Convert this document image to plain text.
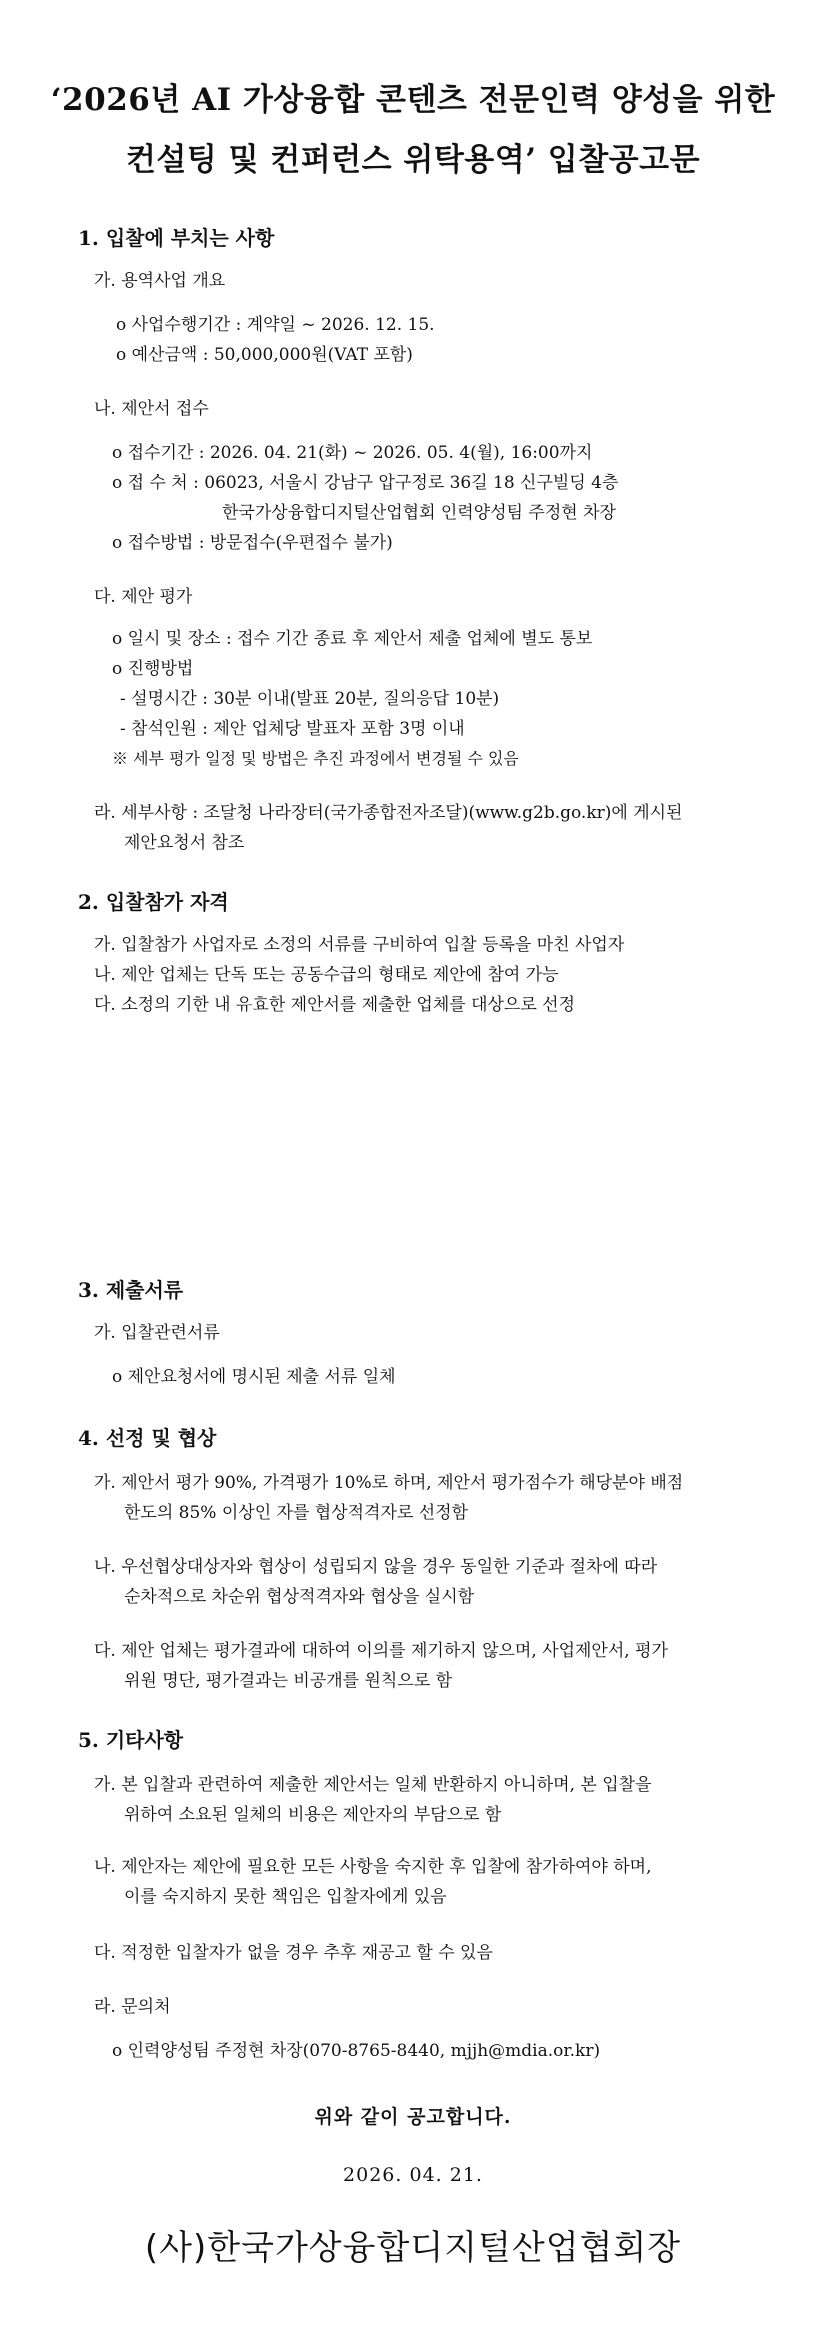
‘2026년 AI 가상융합 콘텐츠 전문인력 양성을 위한
컨설팅 및 컨퍼런스 위탁용역’ 입찰공고문
1. 입찰에 부치는 사항
가. 용역사업 개요
o 사업수행기간 : 계약일 ~ 2026. 12. 15.
o 예산금액 : 50,000,000원(VAT 포함)
나. 제안서 접수
o 접수기간 : 2026. 04. 21(화) ~ 2026. 05. 4(월), 16:00까지
o 접 수 처 : 06023, 서울시 강남구 압구정로 36길 18 신구빌딩 4층
한국가상융합디지털산업협회 인력양성팀 주정현 차장
o 접수방법 : 방문접수(우편접수 불가)
다. 제안 평가
o 일시 및 장소 : 접수 기간 종료 후 제안서 제출 업체에 별도 통보
o 진행방법
- 설명시간 : 30분 이내(발표 20분, 질의응답 10분)
- 참석인원 : 제안 업체당 발표자 포함 3명 이내
※ 세부 평가 일정 및 방법은 추진 과정에서 변경될 수 있음
라. 세부사항 : 조달청 나라장터(국가종합전자조달)(www.g2b.go.kr)에 게시된
제안요청서 참조
2. 입찰참가 자격
가. 입찰참가 사업자로 소정의 서류를 구비하여 입찰 등록을 마친 사업자
나. 제안 업체는 단독 또는 공동수급의 형태로 제안에 참여 가능
다. 소정의 기한 내 유효한 제안서를 제출한 업체를 대상으로 선정
3. 제출서류
가. 입찰관련서류
o 제안요청서에 명시된 제출 서류 일체
4. 선정 및 협상
가. 제안서 평가 90%, 가격평가 10%로 하며, 제안서 평가점수가 해당분야 배점
한도의 85% 이상인 자를 협상적격자로 선정함
나. 우선협상대상자와 협상이 성립되지 않을 경우 동일한 기준과 절차에 따라
순차적으로 차순위 협상적격자와 협상을 실시함
다. 제안 업체는 평가결과에 대하여 이의를 제기하지 않으며, 사업제안서, 평가
위원 명단, 평가결과는 비공개를 원칙으로 함
5. 기타사항
가. 본 입찰과 관련하여 제출한 제안서는 일체 반환하지 아니하며, 본 입찰을
위하여 소요된 일체의 비용은 제안자의 부담으로 함
나. 제안자는 제안에 필요한 모든 사항을 숙지한 후 입찰에 참가하여야 하며,
이를 숙지하지 못한 책임은 입찰자에게 있음
다. 적정한 입찰자가 없을 경우 추후 재공고 할 수 있음
라. 문의처
o 인력양성팀 주정현 차장(070-8765-8440, mjjh@mdia.or.kr)
위와 같이 공고합니다.
2026. 04. 21.
(사)한국가상융합디지털산업협회장
